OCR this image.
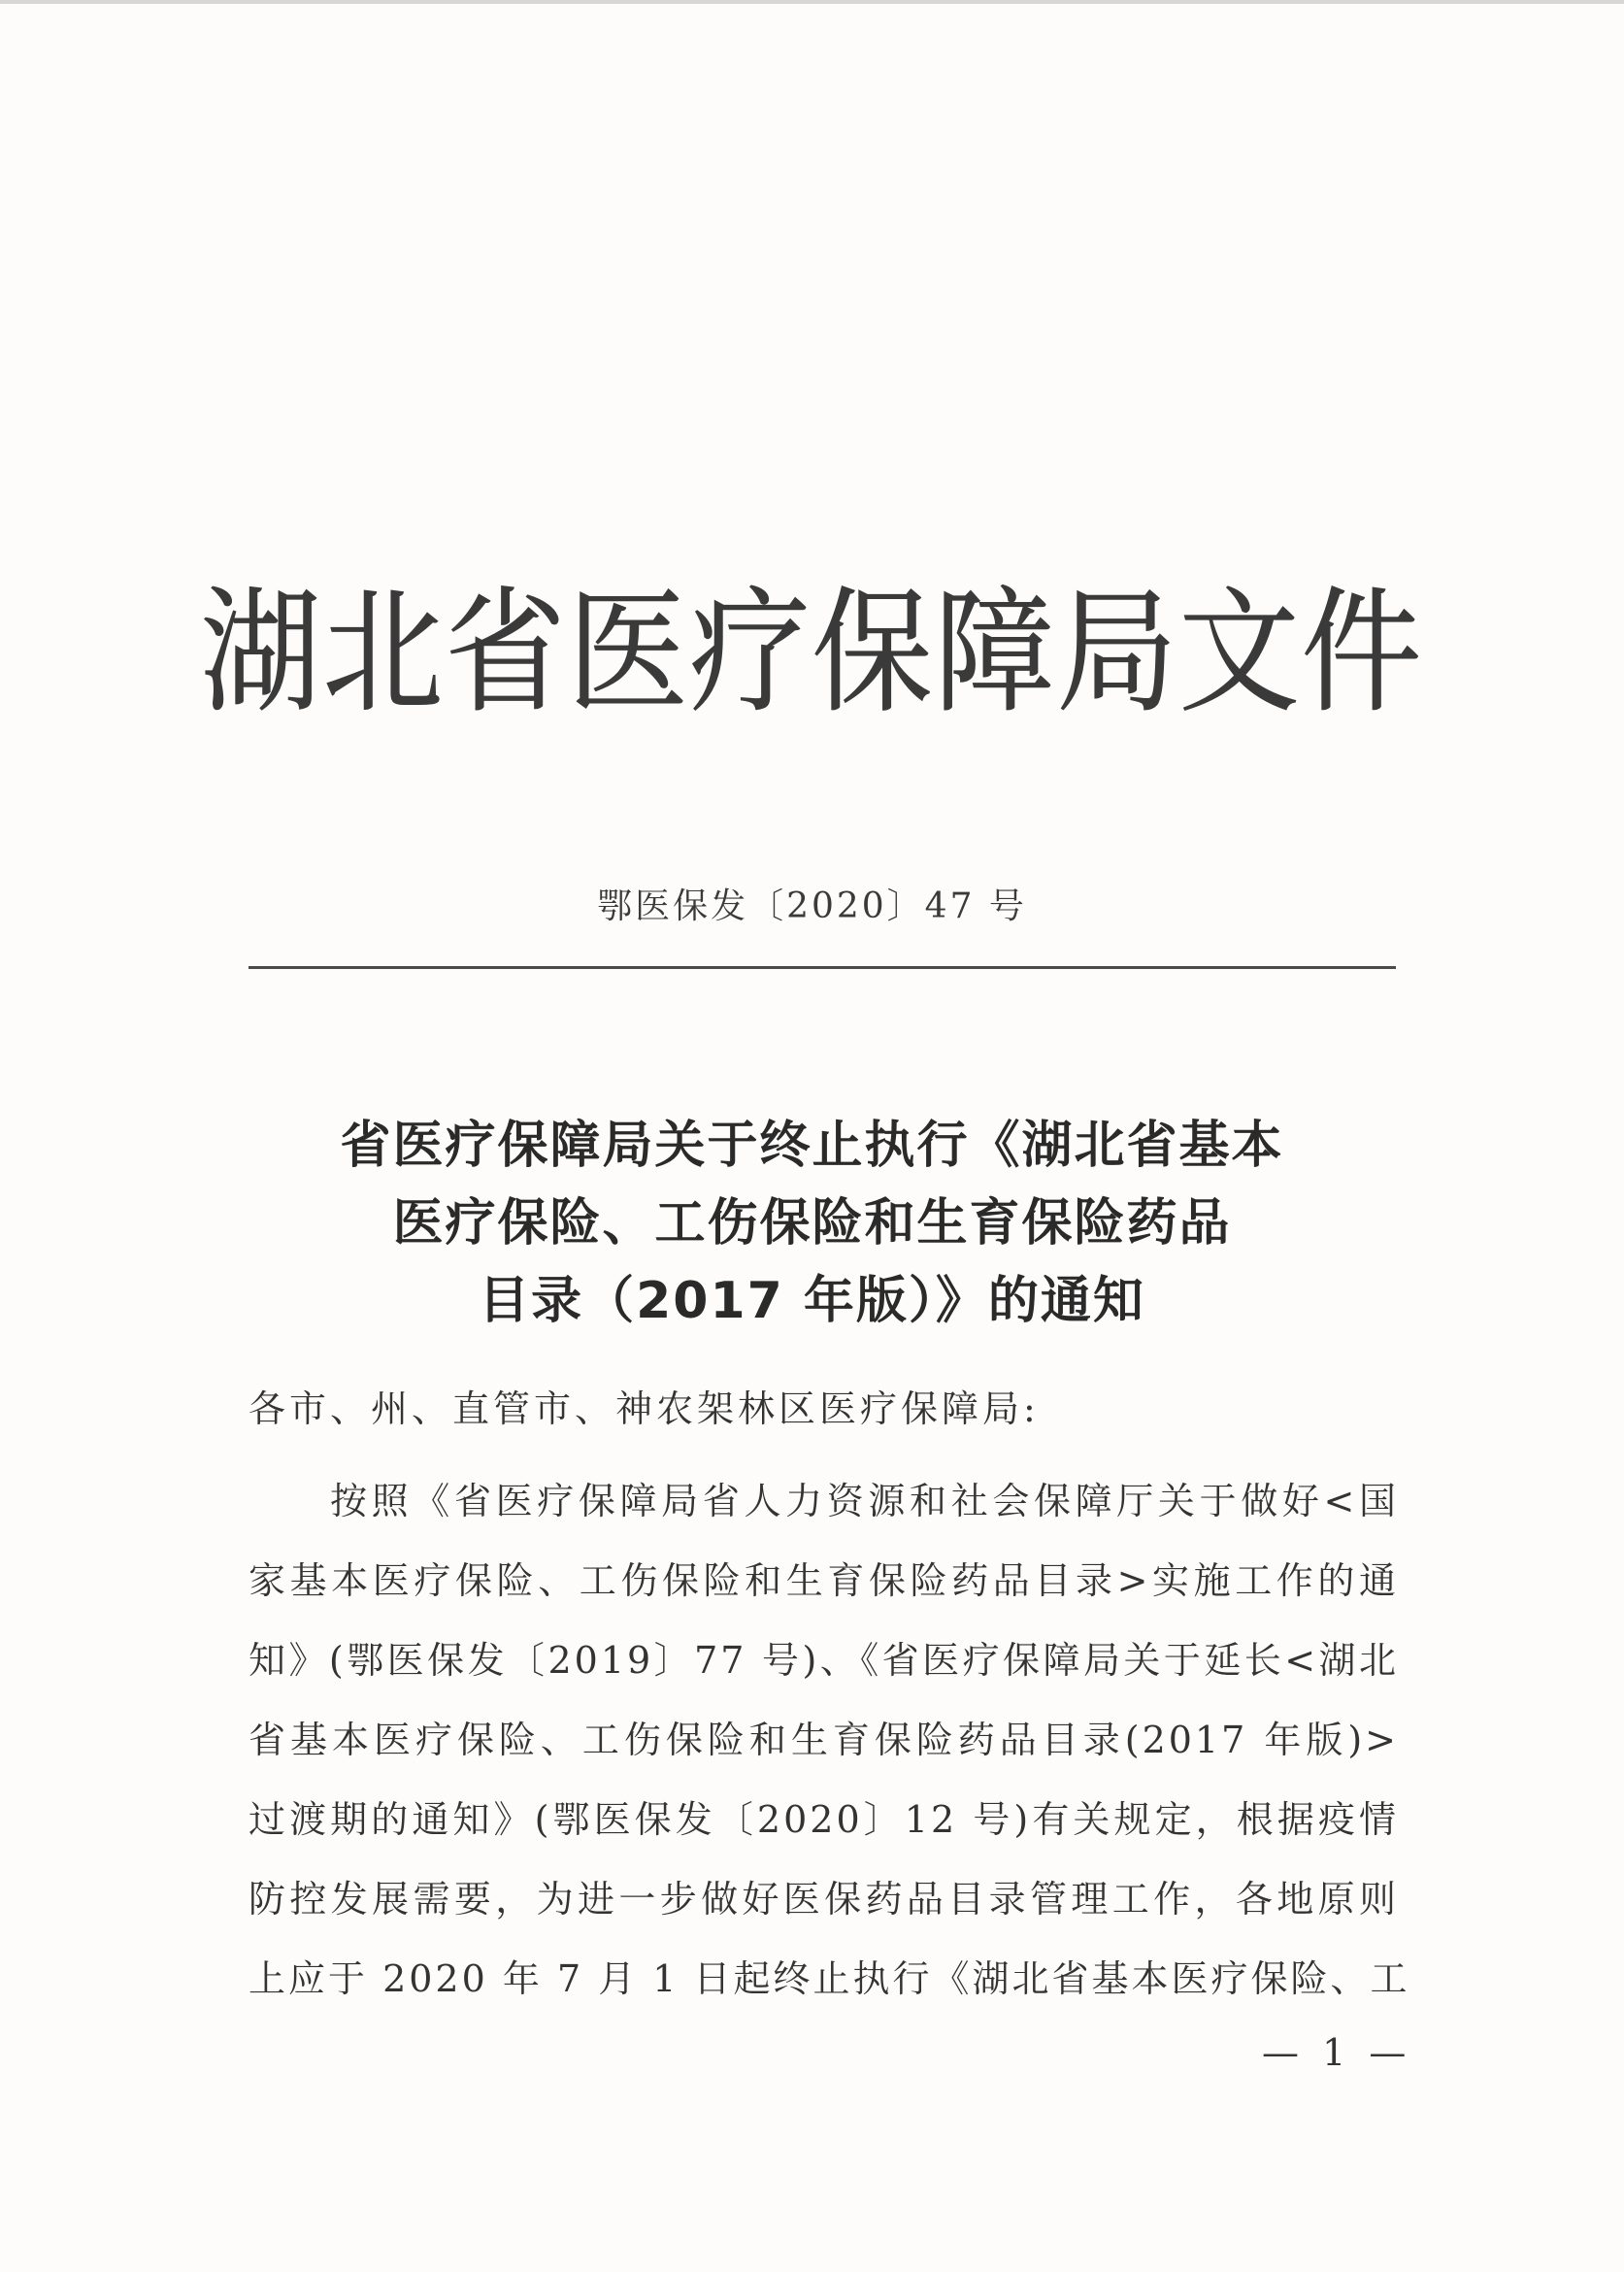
湖北省医疗保障局文件
鄂医保发〔2020〕47 号
省医疗保障局关于终止执行《湖北省基本
医疗保险、工伤保险和生育保险药品
目录（2017 年版）》的通知
各市、州、直管市、神农架林区医疗保障局:
按照《省医疗保障局省人力资源和社会保障厅关于做好<国
家基本医疗保险、工伤保险和生育保险药品目录>实施工作的通
知》(鄂医保发〔2019〕77 号)、《省医疗保障局关于延长<湖北
省基本医疗保险、工伤保险和生育保险药品目录(2017 年版)>
过渡期的通知》(鄂医保发〔2020〕12 号)有关规定，根据疫情
防控发展需要，为进一步做好医保药品目录管理工作，各地原则
上应于 2020 年 7 月 1 日起终止执行《湖北省基本医疗保险、工
— 1 —
